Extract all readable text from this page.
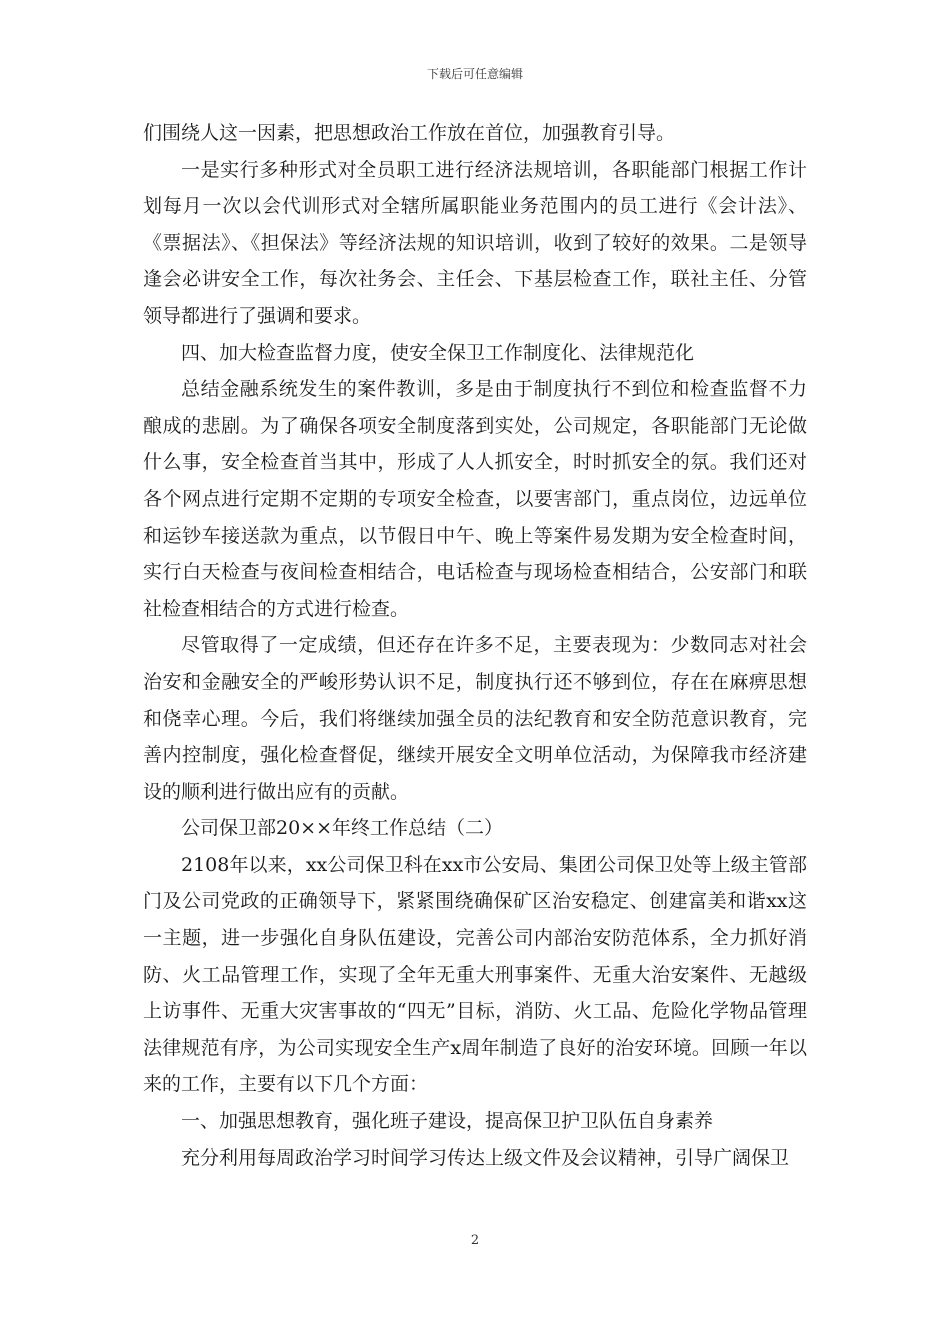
下载后可任意编辑

们围绕人这一因素，把思想政治工作放在首位，加强教育引导。

一是实行多种形式对全员职工进行经济法规培训，各职能部门根据工作计划每月一次以会代训形式对全辖所属职能业务范围内的员工进行《会计法》、《票据法》、《担保法》等经济法规的知识培训，收到了较好的效果。二是领导逢会必讲安全工作，每次社务会、主任会、下基层检查工作，联社主任、分管领导都进行了强调和要求。

四、加大检查监督力度，使安全保卫工作制度化、法律规范化

总结金融系统发生的案件教训，多是由于制度执行不到位和检查监督不力酿成的悲剧。为了确保各项安全制度落到实处，公司规定，各职能部门无论做什么事，安全检查首当其中，形成了人人抓安全，时时抓安全的氛。我们还对各个网点进行定期不定期的专项安全检查，以要害部门，重点岗位，边远单位和运钞车接送款为重点，以节假日中午、晚上等案件易发期为安全检查时间，实行白天检查与夜间检查相结合，电话检查与现场检查相结合，公安部门和联社检查相结合的方式进行检查。

尽管取得了一定成绩，但还存在许多不足，主要表现为：少数同志对社会治安和金融安全的严峻形势认识不足，制度执行还不够到位，存在在麻痹思想和侥幸心理。今后，我们将继续加强全员的法纪教育和安全防范意识教育，完善内控制度，强化检查督促，继续开展安全文明单位活动，为保障我市经济建设的顺利进行做出应有的贡献。

公司保卫部20××年终工作总结（二）

2108年以来，xx公司保卫科在xx市公安局、集团公司保卫处等上级主管部门及公司党政的正确领导下，紧紧围绕确保矿区治安稳定、创建富美和谐xx这一主题，进一步强化自身队伍建设，完善公司内部治安防范体系，全力抓好消防、火工品管理工作，实现了全年无重大刑事案件、无重大治安案件、无越级上访事件、无重大灾害事故的“四无”目标，消防、火工品、危险化学物品管理法律规范有序，为公司实现安全生产x周年制造了良好的治安环境。回顾一年以来的工作，主要有以下几个方面：

一、加强思想教育，强化班子建设，提高保卫护卫队伍自身素养

充分利用每周政治学习时间学习传达上级文件及会议精神，引导广阔保卫

2
